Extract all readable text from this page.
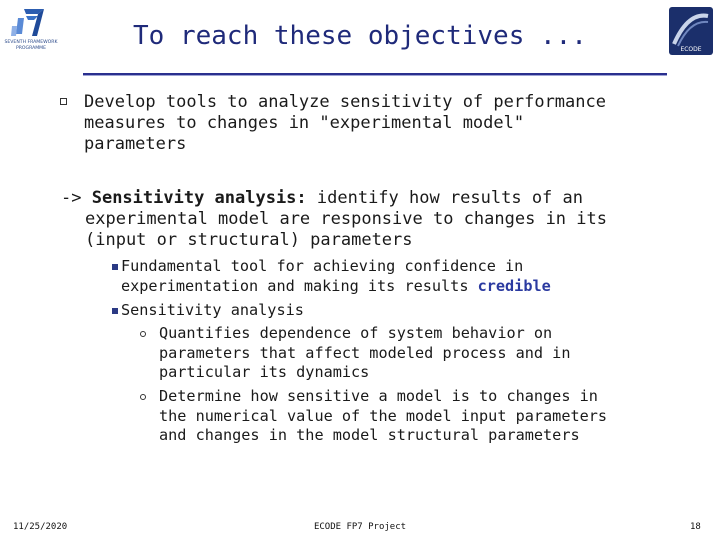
SEVENTH FRAMEWORK
PROGRAMME	ECODE
To reach these objectives ...
Develop tools to analyze sensitivity of performance
measures to changes in "experimental model"
parameters
-> Sensitivity analysis: identify how results of an
experimental model are responsive to changes in its
(input or structural) parameters
Fundamental tool for achieving confidence in
experimentation and making its results credible
Sensitivity analysis
Quantifies dependence of system behavior on
parameters that affect modeled process and in
particular its dynamics
Determine how sensitive a model is to changes in
the numerical value of the model input parameters
and changes in the model structural parameters
11/25/2020	ECODE FP7 Project	18
